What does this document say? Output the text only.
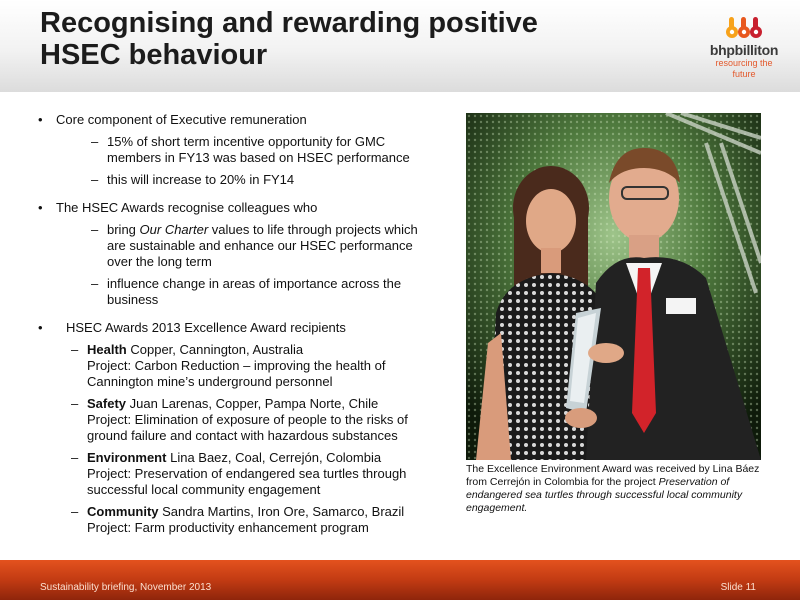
Recognising and rewarding positive
HSEC behaviour	bhpbilliton
resourcing the future
• Core component of Executive remuneration
– 15% of short term incentive opportunity for GMC members in FY13 was based on HSEC performance
– this will increase to 20% in FY14
• The HSEC Awards recognise colleagues who
– bring Our Charter values to life through projects which are sustainable and enhance our HSEC performance over the long term
– influence change in areas of importance across the business
• HSEC Awards 2013 Excellence Award recipients
– Health Copper, Cannington, Australia
Project: Carbon Reduction – improving the health of Cannington mine’s underground personnel
– Safety Juan Larenas, Copper, Pampa Norte, Chile
Project: Elimination of exposure of people to the risks of ground failure and contact with hazardous substances
– Environment Lina Baez, Coal, Cerrejón, Colombia
Project: Preservation of endangered sea turtles through successful local community engagement
– Community Sandra Martins, Iron Ore, Samarco, Brazil
Project: Farm productivity enhancement program
The Excellence Environment Award was received by Lina Báez from Cerrejón in Colombia for the project Preservation of endangered sea turtles through successful local community engagement.
Sustainability briefing, November 2013	Slide 11
